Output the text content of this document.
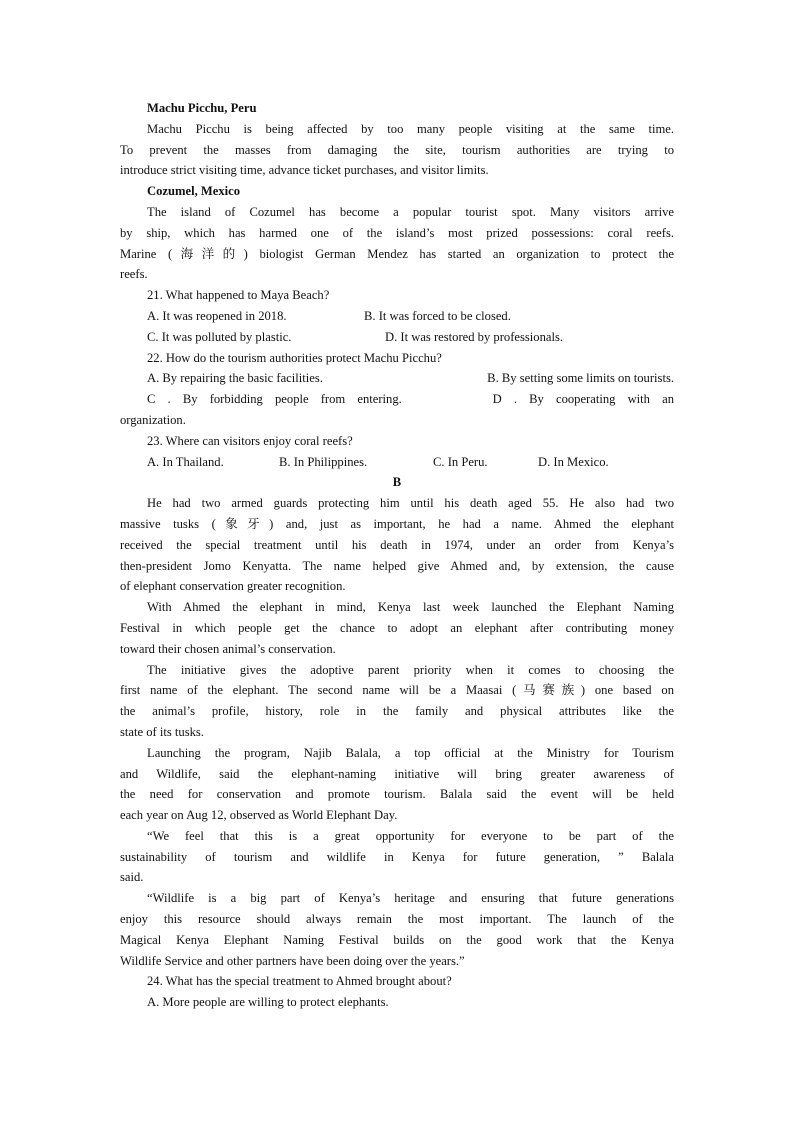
Machu Picchu, Peru
Machu Picchu is being affected by too many people visiting at the same time.
To prevent the masses from damaging the site, tourism authorities are trying to
introduce strict visiting time, advance ticket purchases, and visitor limits.
Cozumel, Mexico
The island of Cozumel has become a popular tourist spot. Many visitors arrive
by ship, which has harmed one of the island’s most prized possessions: coral reefs.
Marine (海洋的) biologist German Mendez has started an organization to protect the
reefs.
21. What happened to Maya Beach?
A. It was reopened in 2018.	B. It was forced to be closed.
C. It was polluted by plastic.	D. It was restored by professionals.
22. How do the tourism authorities protect Machu Picchu?
A. By repairing the basic facilities.	B. By setting some limits on tourists.
C . By forbidding people from entering.	D . By cooperating with an
organization.
23. Where can visitors enjoy coral reefs?
A. In Thailand.	B. In Philippines.	C. In Peru.	D. In Mexico.
B
He had two armed guards protecting him until his death aged 55. He also had two
massive tusks (象牙) and, just as important, he had a name. Ahmed the elephant
received the special treatment until his death in 1974, under an order from Kenya’s
then-president Jomo Kenyatta. The name helped give Ahmed and, by extension, the cause
of elephant conservation greater recognition.
With Ahmed the elephant in mind, Kenya last week launched the Elephant Naming
Festival in which people get the chance to adopt an elephant after contributing money
toward their chosen animal’s conservation.
The initiative gives the adoptive parent priority when it comes to choosing the
first name of the elephant. The second name will be a Maasai (马赛族) one based on
the animal’s profile, history, role in the family and physical attributes like the
state of its tusks.
Launching the program, Najib Balala, a top official at the Ministry for Tourism
and Wildlife, said the elephant-naming initiative will bring greater awareness of
the need for conservation and promote tourism. Balala said the event will be held
each year on Aug 12, observed as World Elephant Day.
“We feel that this is a great opportunity for everyone to be part of the
sustainability of tourism and wildlife in Kenya for future generation, ” Balala
said.
“Wildlife is a big part of Kenya’s heritage and ensuring that future generations
enjoy this resource should always remain the most important. The launch of the
Magical Kenya Elephant Naming Festival builds on the good work that the Kenya
Wildlife Service and other partners have been doing over the years.”
24. What has the special treatment to Ahmed brought about?
A. More people are willing to protect elephants.
